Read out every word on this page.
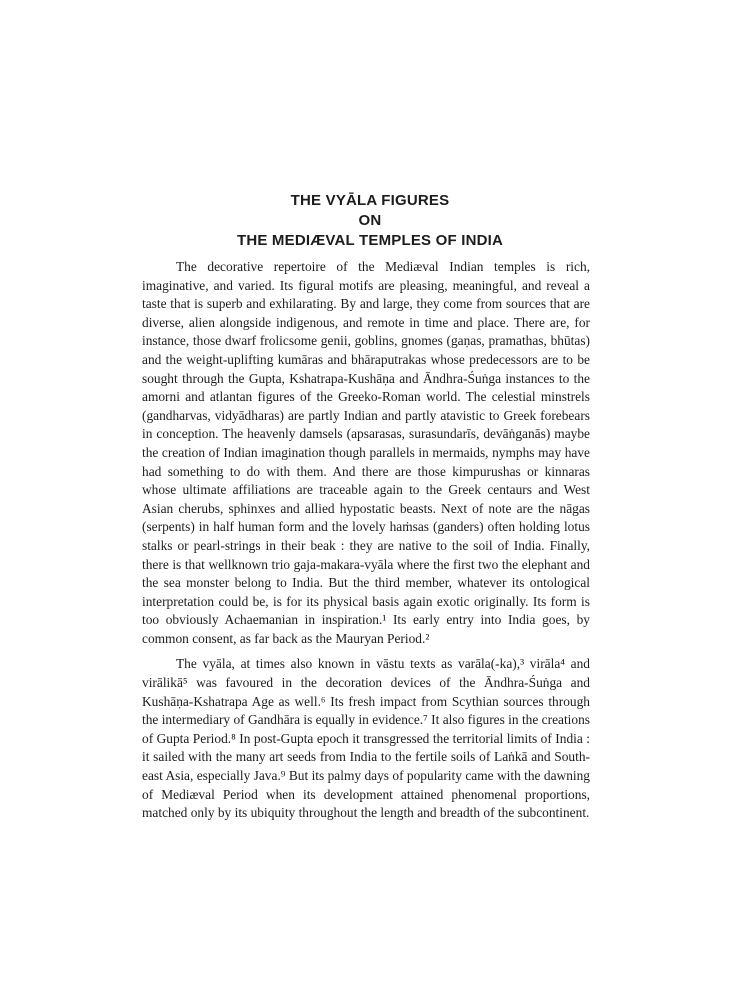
THE VYĀLA FIGURES
ON
THE MEDIÆVAL TEMPLES OF INDIA

The decorative repertoire of the Mediæval Indian temples is rich, imaginative, and varied. Its figural motifs are pleasing, meaningful, and reveal a taste that is superb and exhilarating. By and large, they come from sources that are diverse, alien alongside indigenous, and remote in time and place. There are, for instance, those dwarf frolicsome genii, goblins, gnomes (gaṇas, pramathas, bhūtas) and the weight-uplifting kumāras and bhāraputrakas whose predecessors are to be sought through the Gupta, Kshatrapa-Kushāṇa and Āndhra-Śuṅga instances to the amorni and atlantan figures of the Greeko-Roman world. The celestial minstrels (gandharvas, vidyādharas) are partly Indian and partly atavistic to Greek forebears in conception. The heavenly damsels (apsarasas, surasundarīs, devāṅganās) maybe the creation of Indian imagination though parallels in mermaids, nymphs may have had something to do with them. And there are those kimpurushas or kinnaras whose ultimate affiliations are traceable again to the Greek centaurs and West Asian cherubs, sphinxes and allied hypostatic beasts. Next of note are the nāgas (serpents) in half human form and the lovely haṁsas (ganders) often holding lotus stalks or pearl-strings in their beak : they are native to the soil of India. Finally, there is that wellknown trio gaja-makara-vyāla where the first two the elephant and the sea monster belong to India. But the third member, whatever its ontological interpretation could be, is for its physical basis again exotic originally. Its form is too obviously Achaemanian in inspiration.¹ Its early entry into India goes, by common consent, as far back as the Mauryan Period.²

The vyāla, at times also known in vāstu texts as varāla(-ka),³ virāla⁴ and virālikā⁵ was favoured in the decoration devices of the Āndhra-Śuṅga and Kushāṇa-Kshatrapa Age as well.⁶ Its fresh impact from Scythian sources through the intermediary of Gandhāra is equally in evidence.⁷ It also figures in the creations of Gupta Period.⁸ In post-Gupta epoch it transgressed the territorial limits of India : it sailed with the many art seeds from India to the fertile soils of Laṅkā and South-east Asia, especially Java.⁹ But its palmy days of popularity came with the dawning of Mediæval Period when its development attained phenomenal proportions, matched only by its ubiquity throughout the length and breadth of the subcontinent.
